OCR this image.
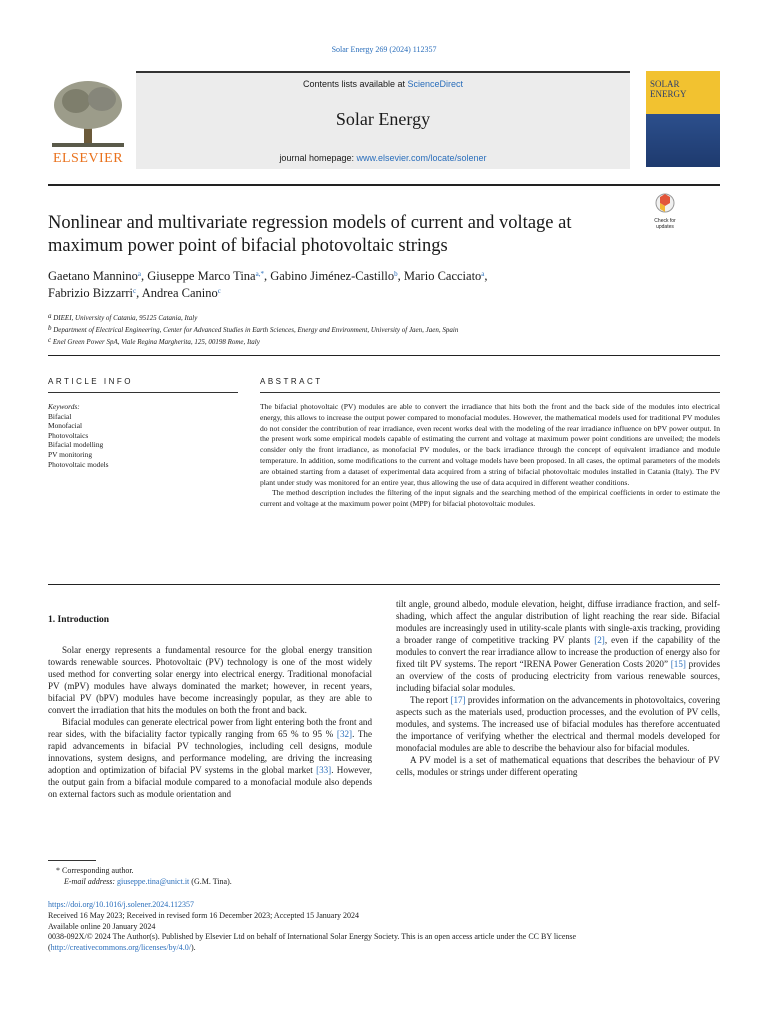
Solar Energy 269 (2024) 112357
ELSEVIER
Contents lists available at ScienceDirect
Solar Energy
journal homepage: www.elsevier.com/locate/solener
SOLAR
ENERGY
Nonlinear and multivariate regression models of current and voltage at
maximum power point of bifacial photovoltaic strings
Check for
updates
Gaetano Mannino$^a$, Giuseppe Marco Tina$^{a,*}$, Gabino Jiménez-Castillo$^b$, Mario Cacciato$^a$,
Fabrizio Bizzarri$^c$, Andrea Canino$^c$
$^a$ DIEEI, University of Catania, 95125 Catania, Italy
$^b$ Department of Electrical Engineering, Center for Advanced Studies in Earth Sciences, Energy and Environment, University of Jaen, Jaen, Spain
$^c$ Enel Green Power SpA, Viale Regina Margherita, 125, 00198 Rome, Italy
ARTICLE INFO	ABSTRACT
Keywords:
Bifacial
Monofacial
Photovoltaics
Bifacial modelling
PV monitoring
Photovoltaic models

The bifacial photovoltaic (PV) modules are able to convert the irradiance that hits both the front and the back side of the modules into electrical energy, this allows to increase the output power compared to monofacial modules. However, the mathematical models used for traditional PV modules do not consider the contribution of rear irradiance, even recent works deal with the modeling of the rear irradiance influence on bPV power output. In the present work some empirical models capable of estimating the current and voltage at maximum power point conditions are unveiled; the models consider only the front irradiance, as monofacial PV modules, or the back irradiance through the concept of equivalent irradiance and module temperature. In addition, some modifications to the current and voltage models have been proposed. In all cases, the optimal parameters of the models are obtained starting from a dataset of experimental data acquired from a string of bifacial photovoltaic modules installed in Catania (Italy). The PV plant under study was monitored for an entire year, thus allowing the use of data acquired in different weather conditions.

The method description includes the filtering of the input signals and the searching method of the empirical coefficients in order to estimate the current and voltage at the maximum power point (MPP) for bifacial photovoltaic modules.

1. Introduction

Solar energy represents a fundamental resource for the global energy transition towards renewable sources. Photovoltaic (PV) technology is one of the most widely used method for converting solar energy into electrical energy. Traditional monofacial PV (mPV) modules have always dominated the market; however, in recent years, bifacial PV (bPV) modules have become increasingly popular, as they are able to convert the irradiation that hits the modules on both the front and back.

Bifacial modules can generate electrical power from light entering both the front and rear sides, with the bifaciality factor typically ranging from 65 % to 95 % [32]. The rapid advancements in bifacial PV technologies, including cell designs, module innovations, system designs, and performance modeling, are driving the increasing adoption and optimization of bifacial PV systems in the global market [33]. However, the output gain from a bifacial module compared to a monofacial module also depends on external factors such as module orientation and

tilt angle, ground albedo, module elevation, height, diffuse irradiance fraction, and self-shading, which affect the angular distribution of light reaching the rear side. Bifacial modules are increasingly used in utility-scale plants with single-axis tracking, providing a broader range of competitive tracking PV plants [2], even if the capability of the modules to convert the rear irradiance allow to increase the production of energy also for fixed tilt PV systems. The report “IRENA Power Generation Costs 2020” [15] provides an overview of the costs of producing electricity from various renewable sources, including bifacial solar modules.

The report [17] provides information on the advancements in photovoltaics, covering aspects such as the materials used, production processes, and the evolution of PV cells, modules, and systems. The increased use of bifacial modules has therefore accentuated the importance of verifying whether the electrical and thermal models developed for monofacial modules are able to describe the behaviour also for bifacial modules.

A PV model is a set of mathematical equations that describes the behaviour of PV cells, modules or strings under different operating

* Corresponding author.
E-mail address: giuseppe.tina@unict.it (G.M. Tina).
https://doi.org/10.1016/j.solener.2024.112357
Received 16 May 2023; Received in revised form 16 December 2023; Accepted 15 January 2024
Available online 20 January 2024
0038-092X/© 2024 The Author(s). Published by Elsevier Ltd on behalf of International Solar Energy Society. This is an open access article under the CC BY license
(http://creativecommons.org/licenses/by/4.0/).
